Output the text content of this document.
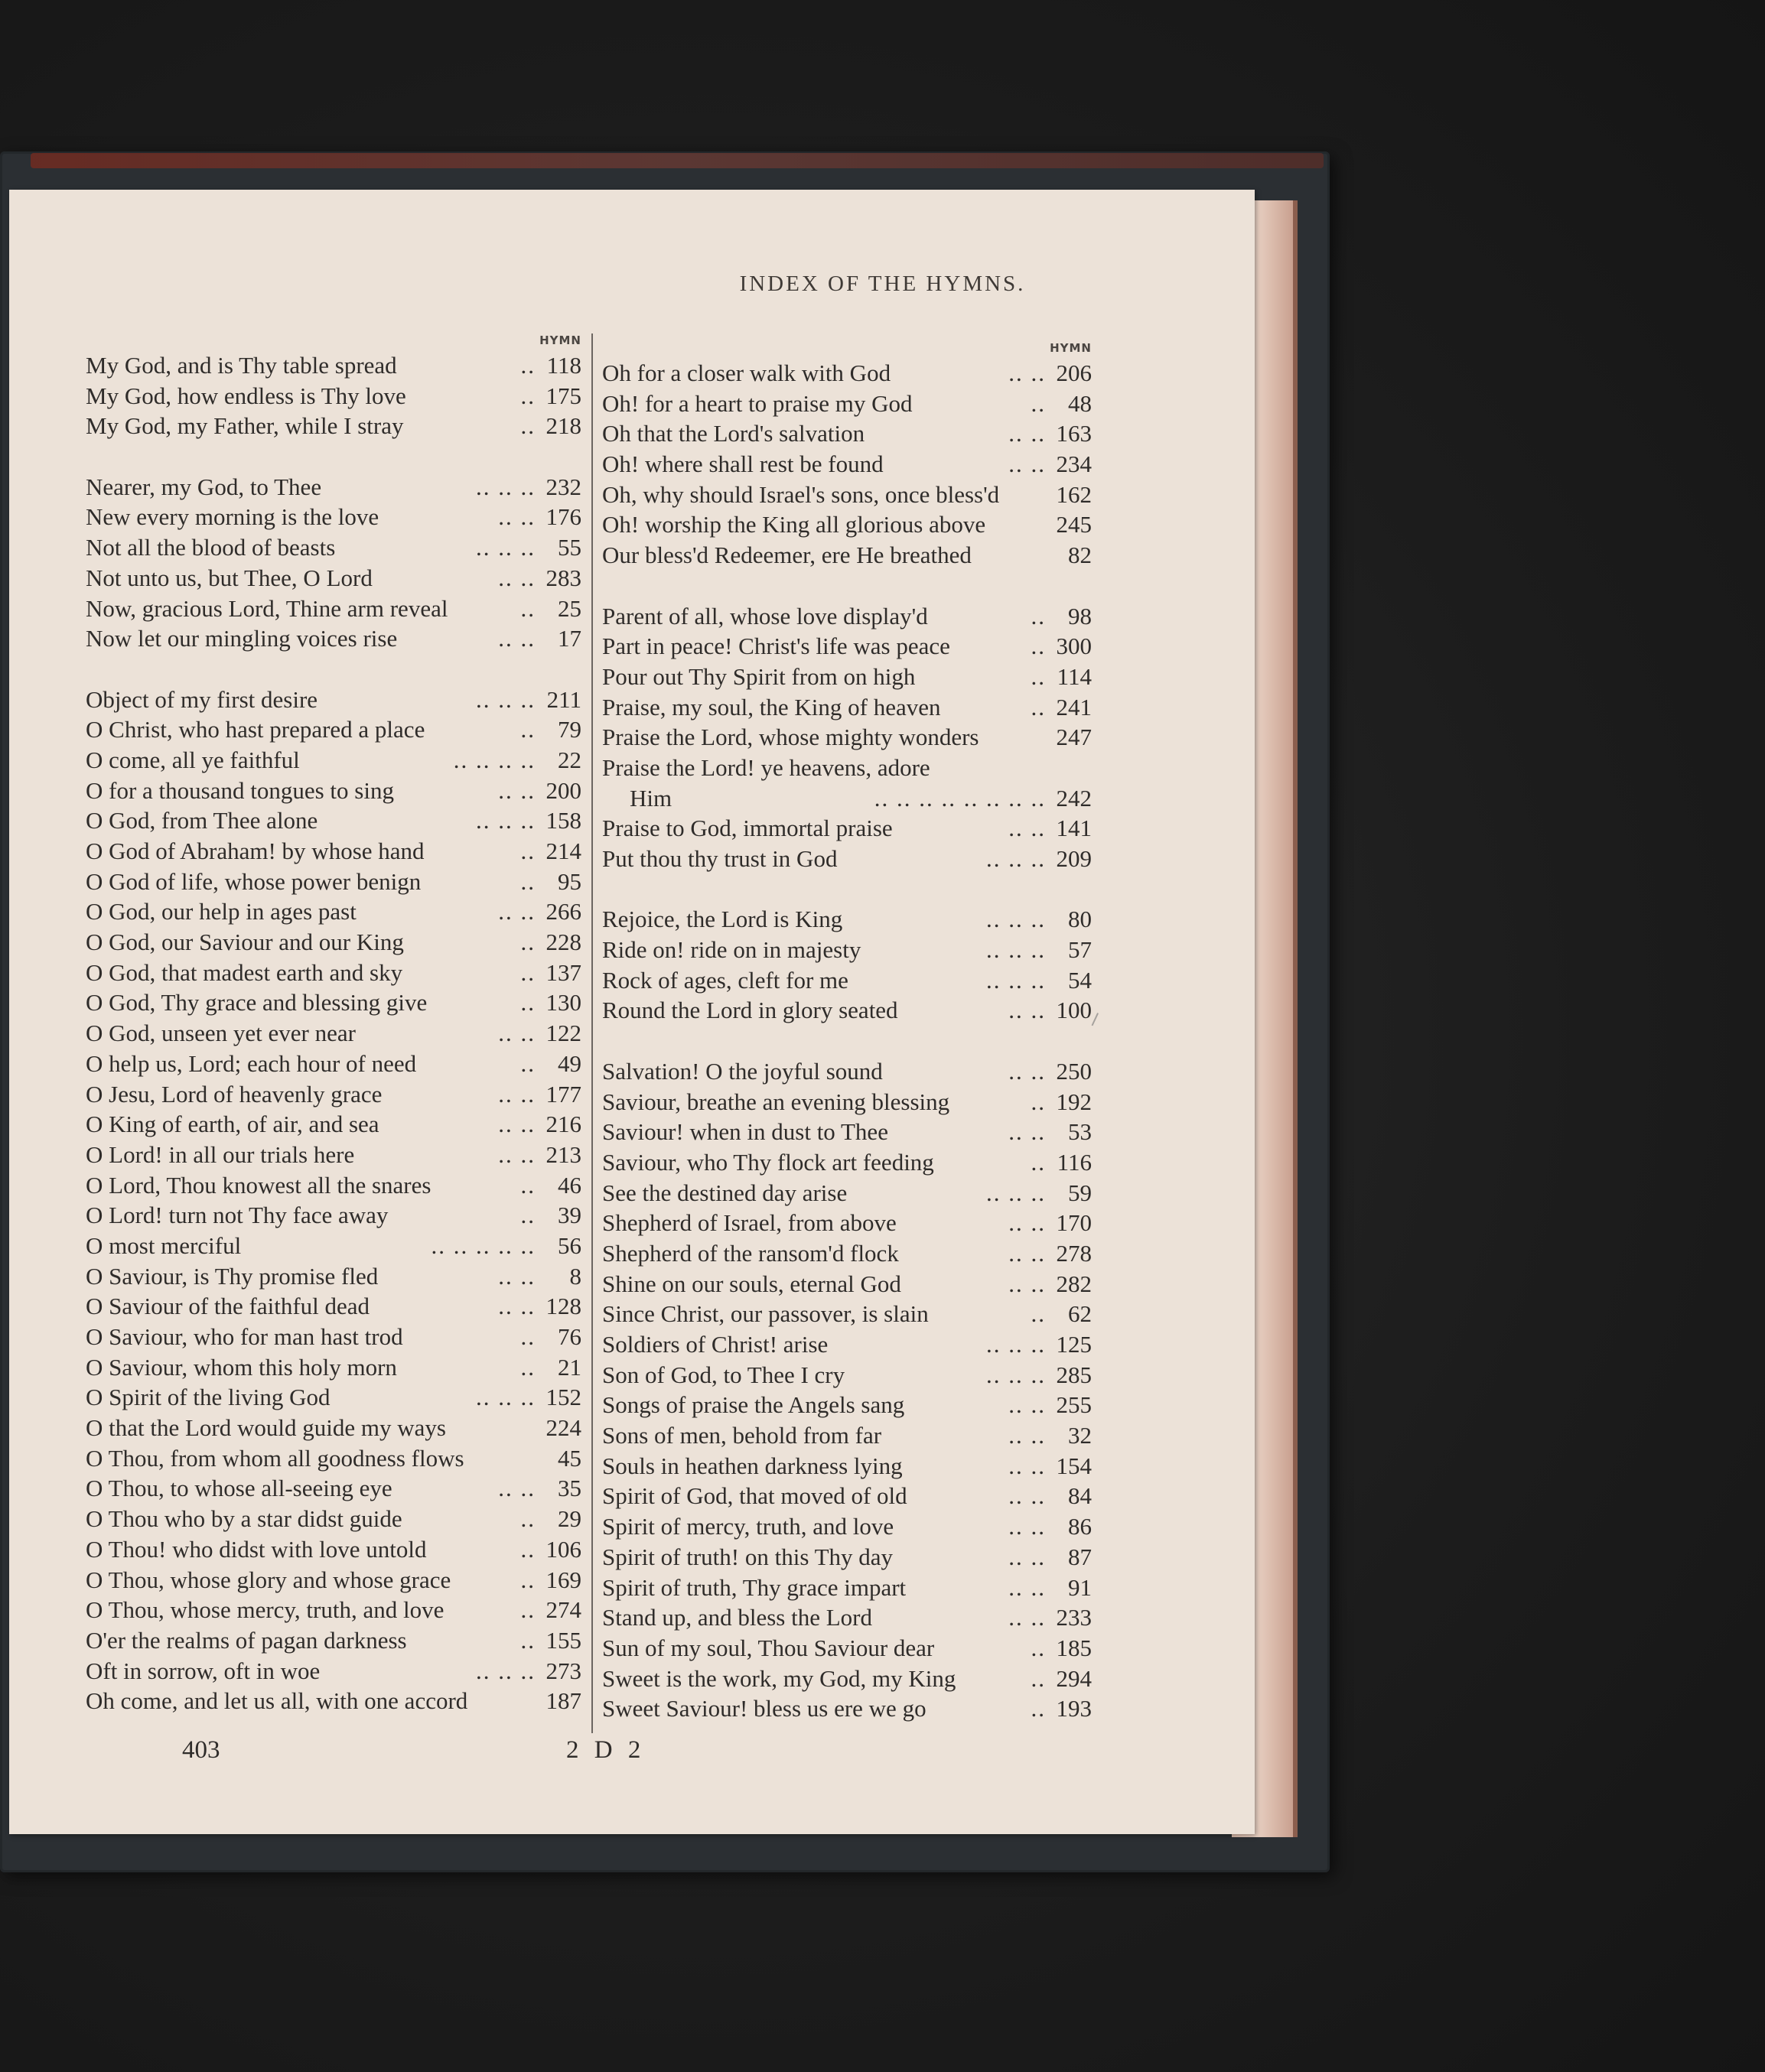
INDEX OF THE HYMNS.
HYMN
My God, and is Thy table spread	.. 118
My God, how endless is Thy love	.. 175
My God, my Father, while I stray	.. 218
Nearer, my God, to Thee	.. .. .. 232
New every morning is the love	.. .. 176
Not all the blood of beasts	.. .. .. 55
Not unto us, but Thee, O Lord	.. .. 283
Now, gracious Lord, Thine arm reveal	.. 25
Now let our mingling voices rise	.. .. 17
Object of my first desire	.. .. .. 211
O Christ, who hast prepared a place	.. 79
O come, all ye faithful	.. .. .. .. 22
O for a thousand tongues to sing	.. .. 200
O God, from Thee alone	.. .. .. 158
O God of Abraham! by whose hand	.. 214
O God of life, whose power benign	.. 95
O God, our help in ages past	.. .. 266
O God, our Saviour and our King	.. 228
O God, that madest earth and sky	.. 137
O God, Thy grace and blessing give	.. 130
O God, unseen yet ever near	.. .. 122
O help us, Lord; each hour of need	.. 49
O Jesu, Lord of heavenly grace	.. .. 177
O King of earth, of air, and sea	.. .. 216
O Lord! in all our trials here	.. .. 213
O Lord, Thou knowest all the snares	.. 46
O Lord! turn not Thy face away	.. 39
O most merciful	.. .. .. .. .. 56
O Saviour, is Thy promise fled	.. ..	8
O Saviour of the faithful dead	.. .. 128
O Saviour, who for man hast trod	.. 76
O Saviour, whom this holy morn	.. 21
O Spirit of the living God	.. .. .. 152
O that the Lord would guide my ways	224
O Thou, from whom all goodness flows	45
O Thou, to whose all-seeing eye	.. .. 35
O Thou who by a star didst guide	.. 29
O Thou! who didst with love untold	.. 106
O Thou, whose glory and whose grace	.. 169
O Thou, whose mercy, truth, and love	.. 274
O'er the realms of pagan darkness	.. 155
Oft in sorrow, oft in woe	.. .. .. 273
Oh come, and let us all, with one accord	187
HYMN
Oh for a closer walk with God	.. .. 206
Oh! for a heart to praise my God	.. 48
Oh that the Lord's salvation	.. .. 163
Oh! where shall rest be found	.. .. 234
Oh, why should Israel's sons, once bless'd	162
Oh! worship the King all glorious above	245
Our bless'd Redeemer, ere He breathed	82
Parent of all, whose love display'd	.. 98
Part in peace! Christ's life was peace	.. 300
Pour out Thy Spirit from on high	.. 114
Praise, my soul, the King of heaven	.. 241
Praise the Lord, whose mighty wonders	247
Praise the Lord! ye heavens, adore
Him	.. .. .. .. .. .. .. .. 242
Praise to God, immortal praise	.. .. 141
Put thou thy trust in God	.. .. .. 209
Rejoice, the Lord is King	.. .. .. 80
Ride on! ride on in majesty	.. .. .. 57
Rock of ages, cleft for me	.. .. .. 54
Round the Lord in glory seated	.. .. 100
Salvation! O the joyful sound	.. .. 250
Saviour, breathe an evening blessing	.. 192
Saviour! when in dust to Thee	.. .. 53
Saviour, who Thy flock art feeding	.. 116
See the destined day arise	.. .. .. 59
Shepherd of Israel, from above	.. .. 170
Shepherd of the ransom'd flock	.. .. 278
Shine on our souls, eternal God	.. .. 282
Since Christ, our passover, is slain	.. 62
Soldiers of Christ! arise	.. .. .. 125
Son of God, to Thee I cry	.. .. .. 285
Songs of praise the Angels sang	.. .. 255
Sons of men, behold from far	.. .. 32
Souls in heathen darkness lying	.. .. 154
Spirit of God, that moved of old	.. .. 84
Spirit of mercy, truth, and love	.. .. 86
Spirit of truth! on this Thy day	.. .. 87
Spirit of truth, Thy grace impart	.. .. 91
Stand up, and bless the Lord	.. .. 233
Sun of my soul, Thou Saviour dear	.. 185
Sweet is the work, my God, my King	.. 294
Sweet Saviour! bless us ere we go	.. 193
403	2 D 2
